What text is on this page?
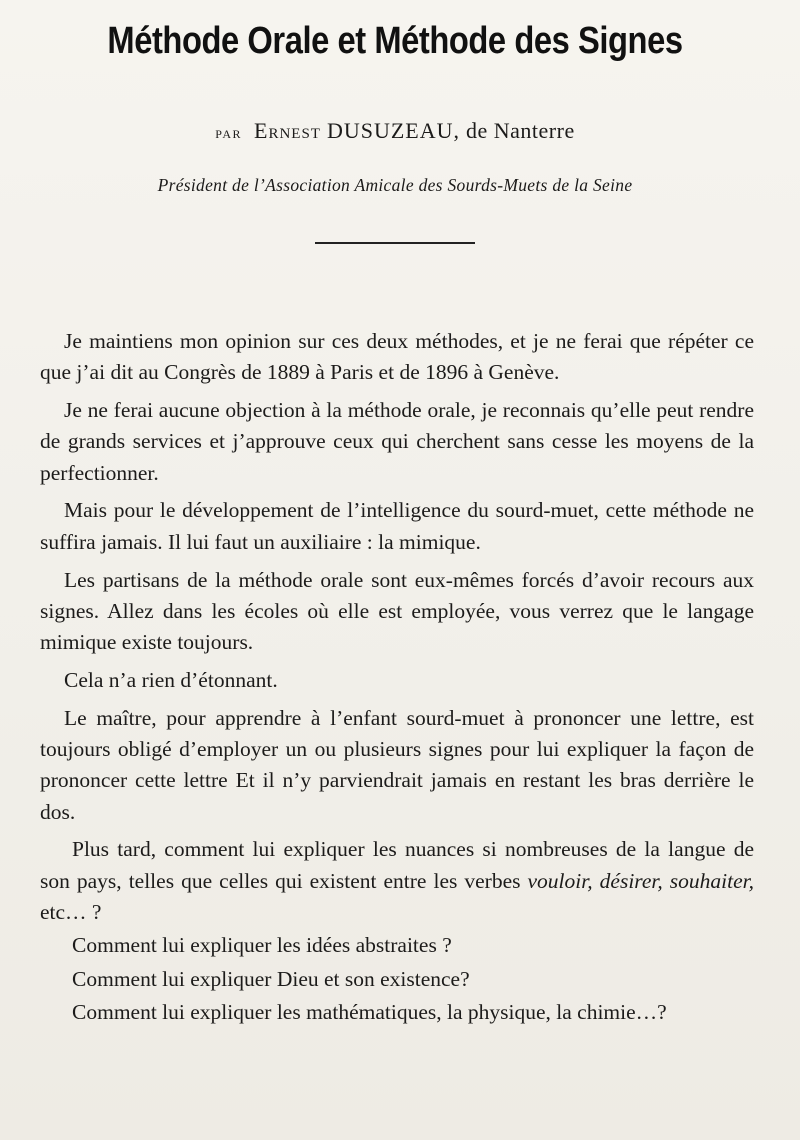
Méthode Orale et Méthode des Signes
par Ernest DUSUZEAU, de Nanterre
Président de l’Association Amicale des Sourds-Muets de la Seine

Je maintiens mon opinion sur ces deux méthodes, et je ne ferai que répéter ce que j’ai dit au Congrès de 1889 à Paris et de 1896 à Genève.

Je ne ferai aucune objection à la méthode orale, je reconnais qu’elle peut rendre de grands services et j’approuve ceux qui cherchent sans cesse les moyens de la perfectionner.

Mais pour le développement de l’intelligence du sourd-muet, cette méthode ne suffira jamais. Il lui faut un auxiliaire : la mimique.

Les partisans de la méthode orale sont eux-mêmes forcés d’avoir recours aux signes. Allez dans les écoles où elle est employée, vous verrez que le langage mimique existe toujours.

Cela n’a rien d’étonnant.

Le maître, pour apprendre à l’enfant sourd-muet à prononcer une lettre, est toujours obligé d’employer un ou plusieurs signes pour lui expliquer la façon de prononcer cette lettre Et il n’y parviendrait jamais en restant les bras derrière le dos.

Plus tard, comment lui expliquer les nuances si nombreuses de la langue de son pays, telles que celles qui existent entre les verbes vouloir, désirer, souhaiter, etc… ?

Comment lui expliquer les idées abstraites ?

Comment lui expliquer Dieu et son existence?

Comment lui expliquer les mathématiques, la physique, la chimie…?
